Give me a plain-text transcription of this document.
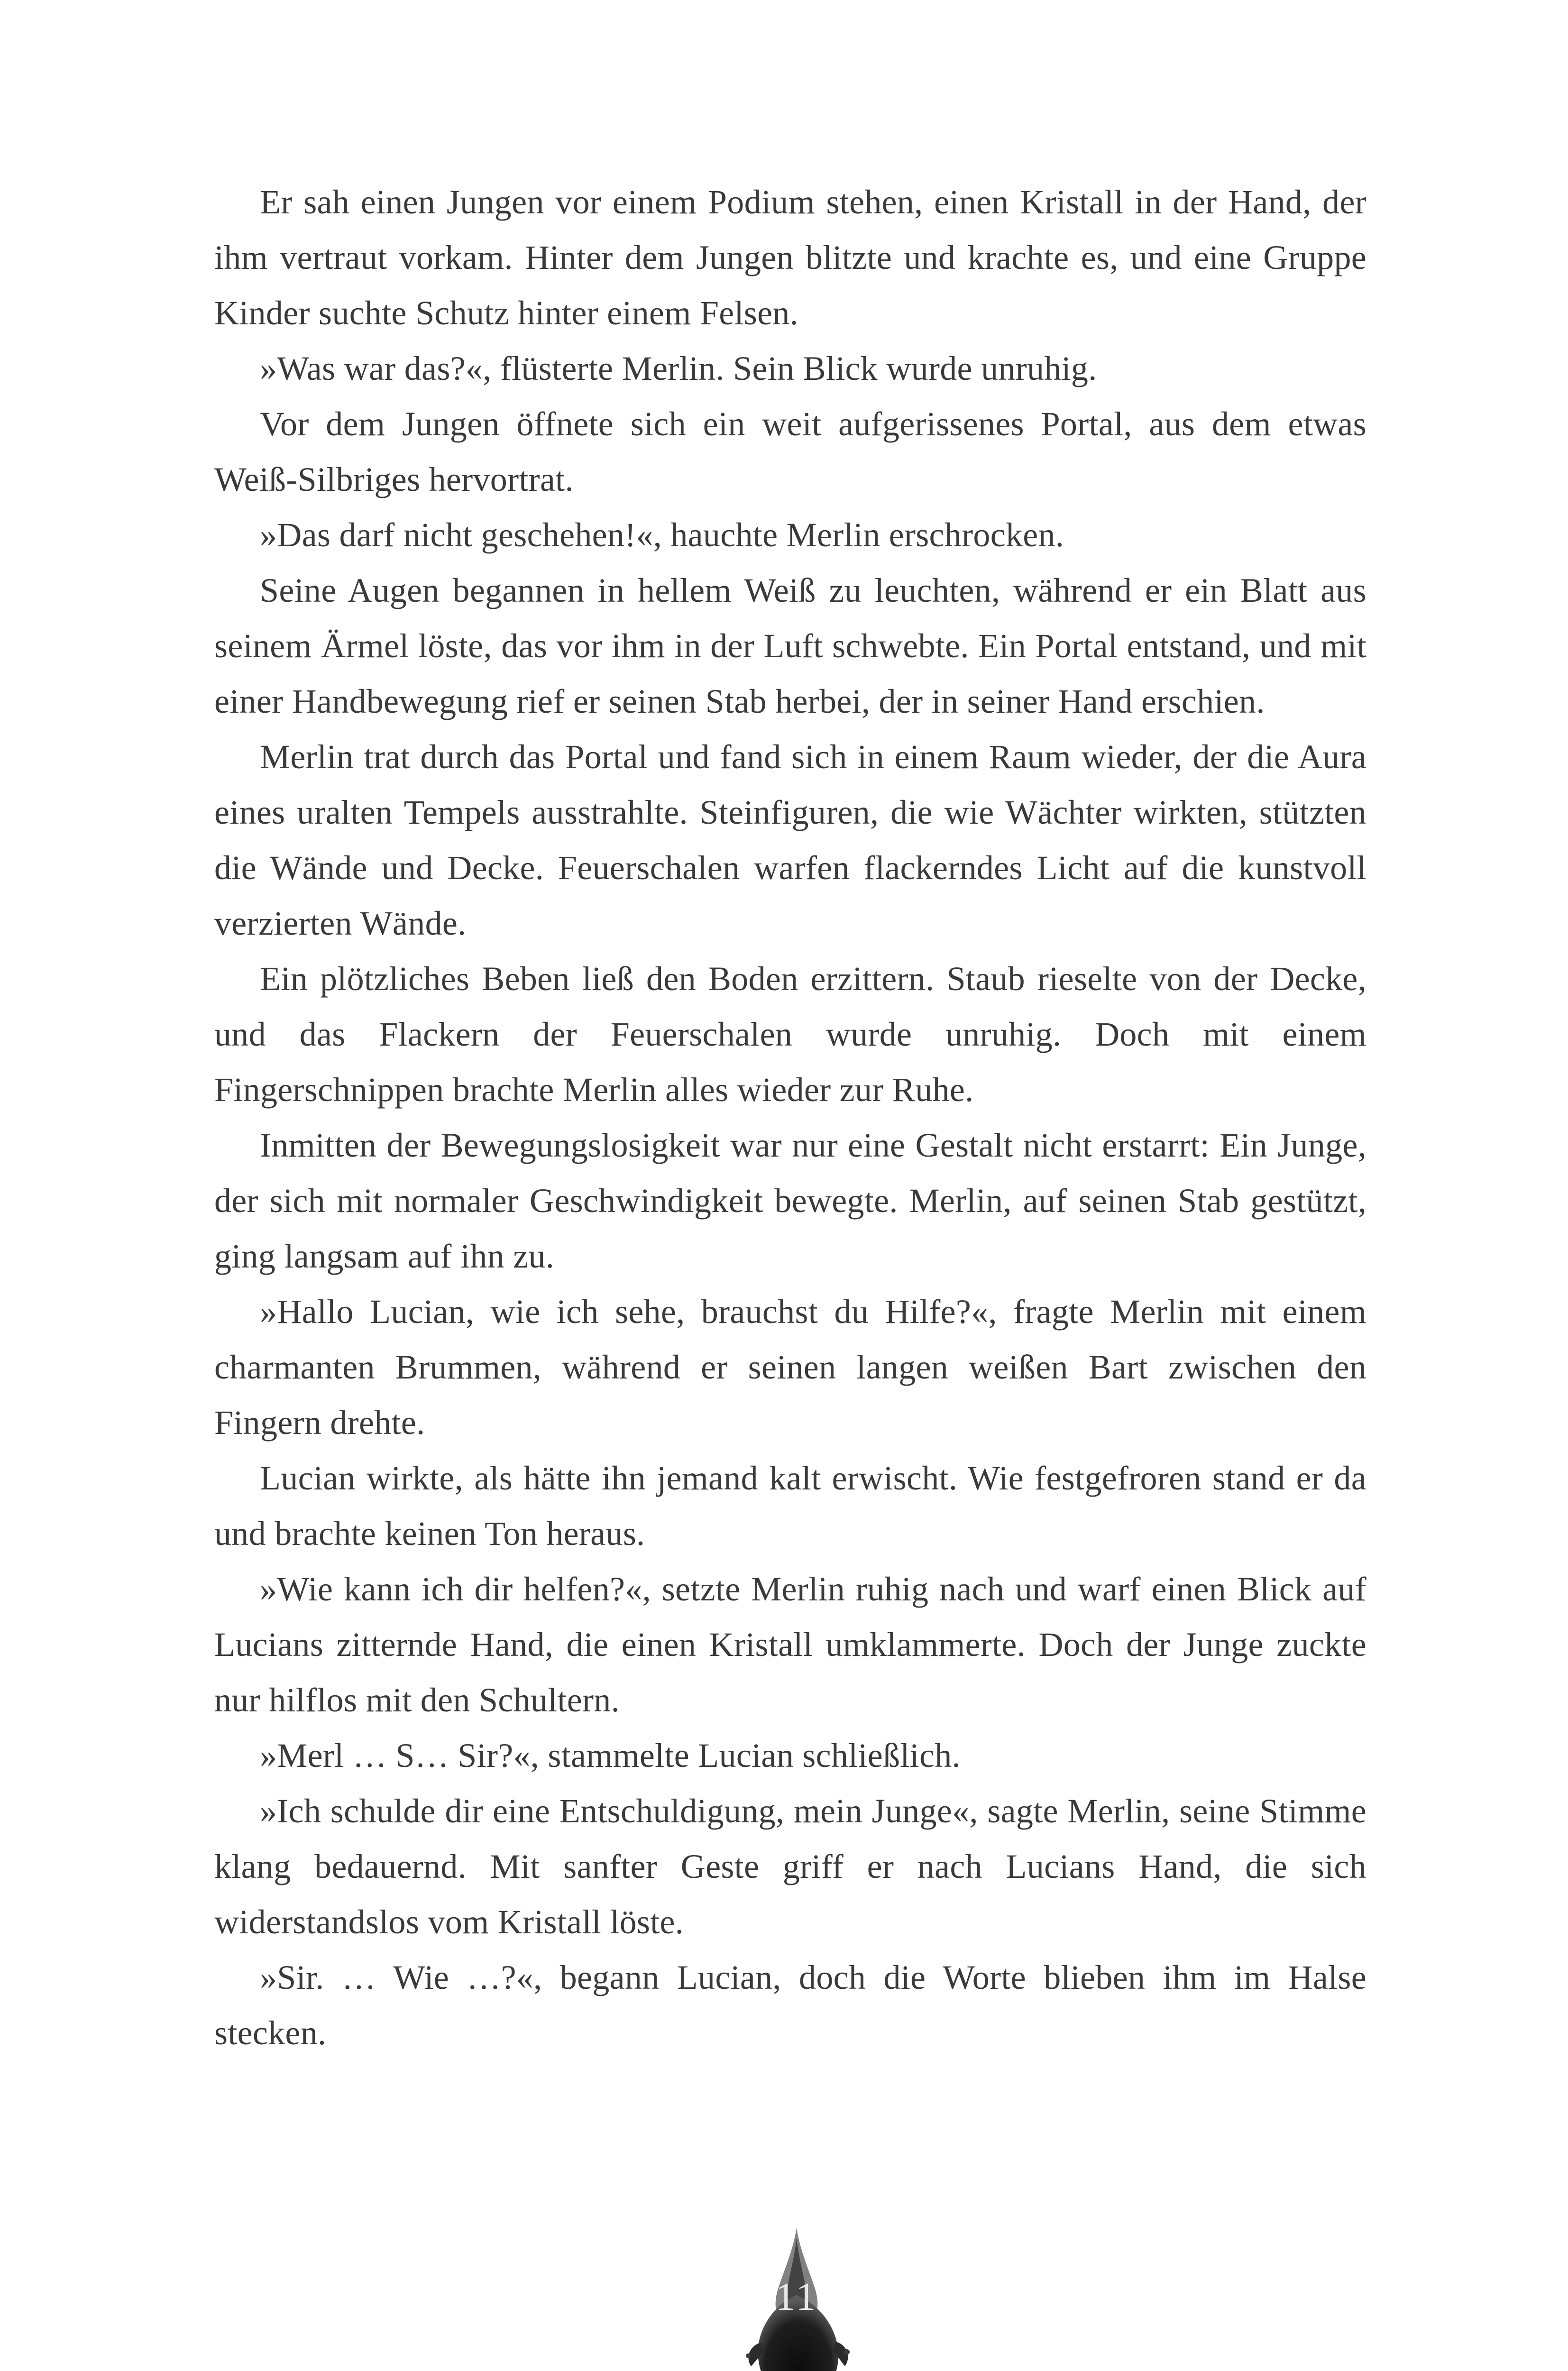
Er sah einen Jungen vor einem Podium stehen, einen Kristall in der Hand, der ihm vertraut vorkam. Hinter dem Jungen blitzte und krachte es, und eine Gruppe Kinder suchte Schutz hinter einem Felsen.

»Was war das?«, flüsterte Merlin. Sein Blick wurde unruhig.

Vor dem Jungen öffnete sich ein weit aufgerissenes Portal, aus dem etwas Weiß-Silbriges hervortrat.

»Das darf nicht geschehen!«, hauchte Merlin erschrocken.

Seine Augen begannen in hellem Weiß zu leuchten, während er ein Blatt aus seinem Ärmel löste, das vor ihm in der Luft schwebte. Ein Portal entstand, und mit einer Handbewegung rief er seinen Stab herbei, der in seiner Hand erschien.

Merlin trat durch das Portal und fand sich in einem Raum wieder, der die Aura eines uralten Tempels ausstrahlte. Steinfiguren, die wie Wächter wirkten, stützten die Wände und Decke. Feuerschalen warfen flackerndes Licht auf die kunstvoll verzierten Wände.

Ein plötzliches Beben ließ den Boden erzittern. Staub rieselte von der Decke, und das Flackern der Feuerschalen wurde unruhig. Doch mit einem Fingerschnippen brachte Merlin alles wieder zur Ruhe.

Inmitten der Bewegungslosigkeit war nur eine Gestalt nicht erstarrt: Ein Junge, der sich mit normaler Geschwindigkeit bewegte. Merlin, auf seinen Stab gestützt, ging langsam auf ihn zu.

»Hallo Lucian, wie ich sehe, brauchst du Hilfe?«, fragte Merlin mit einem charmanten Brummen, während er seinen langen weißen Bart zwischen den Fingern drehte.

Lucian wirkte, als hätte ihn jemand kalt erwischt. Wie festgefroren stand er da und brachte keinen Ton heraus.

»Wie kann ich dir helfen?«, setzte Merlin ruhig nach und warf einen Blick auf Lucians zitternde Hand, die einen Kristall umklammerte. Doch der Junge zuckte nur hilflos mit den Schultern.

»Merl … S… Sir?«, stammelte Lucian schließlich.

»Ich schulde dir eine Entschuldigung, mein Junge«, sagte Merlin, seine Stimme klang bedauernd. Mit sanfter Geste griff er nach Lucians Hand, die sich widerstandslos vom Kristall löste.

»Sir. … Wie …?«, begann Lucian, doch die Worte blieben ihm im Halse stecken.

11
